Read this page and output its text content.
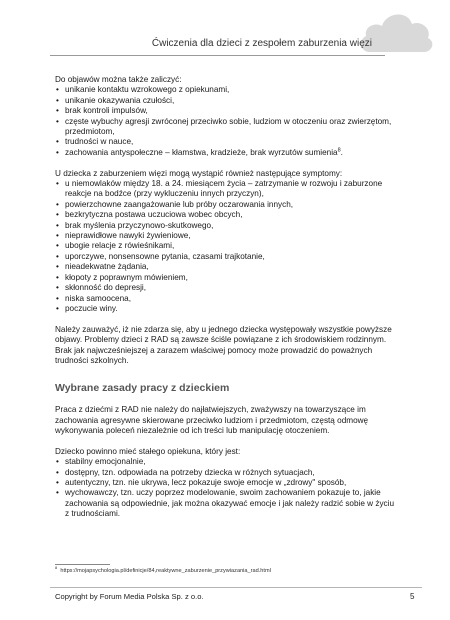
Ćwiczenia dla dzieci z zespołem zaburzenia więzi

Do objawów można także zaliczyć:

• unikanie kontaktu wzrokowego z opiekunami,
• unikanie okazywania czułości,
• brak kontroli impulsów,
• częste wybuchy agresji zwróconej przeciwko sobie, ludziom w otoczeniu oraz zwierzętom, przedmiotom,
• trudności w nauce,
• zachowania antyspołeczne – kłamstwa, kradzieże, brak wyrzutów sumienia$^8$.

U dziecka z zaburzeniem więzi mogą wystąpić również następujące symptomy:

• u niemowlaków między 18. a 24. miesiącem życia – zatrzymanie w rozwoju i zaburzone reakcje na bodźce (przy wykluczeniu innych przyczyn),
• powierzchowne zaangażowanie lub próby oczarowania innych,
• bezkrytyczna postawa uczuciowa wobec obcych,
• brak myślenia przyczynowo-skutkowego,
• nieprawidłowe nawyki żywieniowe,
• ubogie relacje z rówieśnikami,
• uporczywe, nonsensowne pytania, czasami trajkotanie,
• nieadekwatne żądania,
• kłopoty z poprawnym mówieniem,
• skłonność do depresji,
• niska samoocena,
• poczucie winy.

Należy zauważyć, iż nie zdarza się, aby u jednego dziecka występowały wszystkie powyższe objawy. Problemy dzieci z RAD są zawsze ściśle powiązane z ich środowiskiem rodzinnym. Brak jak najwcześniejszej a zarazem właściwej pomocy może prowadzić do poważnych trudności szkolnych.

Wybrane zasady pracy z dzieckiem

Praca z dziećmi z RAD nie należy do najłatwiejszych, zważywszy na towarzyszące im zachowania agresywne skierowane przeciwko ludziom i przedmiotom, częstą odmowę wykonywania poleceń niezależnie od ich treści lub manipulację otoczeniem.

Dziecko powinno mieć stałego opiekuna, który jest:

• stabilny emocjonalnie,
• dostępny, tzn. odpowiada na potrzeby dziecka w różnych sytuacjach,
• autentyczny, tzn. nie ukrywa, lecz pokazuje swoje emocje w „zdrowy" sposób,
• wychowawczy, tzn. uczy poprzez modelowanie, swoim zachowaniem pokazuje to, jakie zachowania są odpowiednie, jak można okazywać emocje i jak należy radzić sobie w życiu z trudnościami.
$^8$  https://mojapsychologia.pl/definicje/84,reaktywne_zaburzenie_przywiazania_rad.html
Copyright by Forum Media Polska Sp. z o.o.	5
